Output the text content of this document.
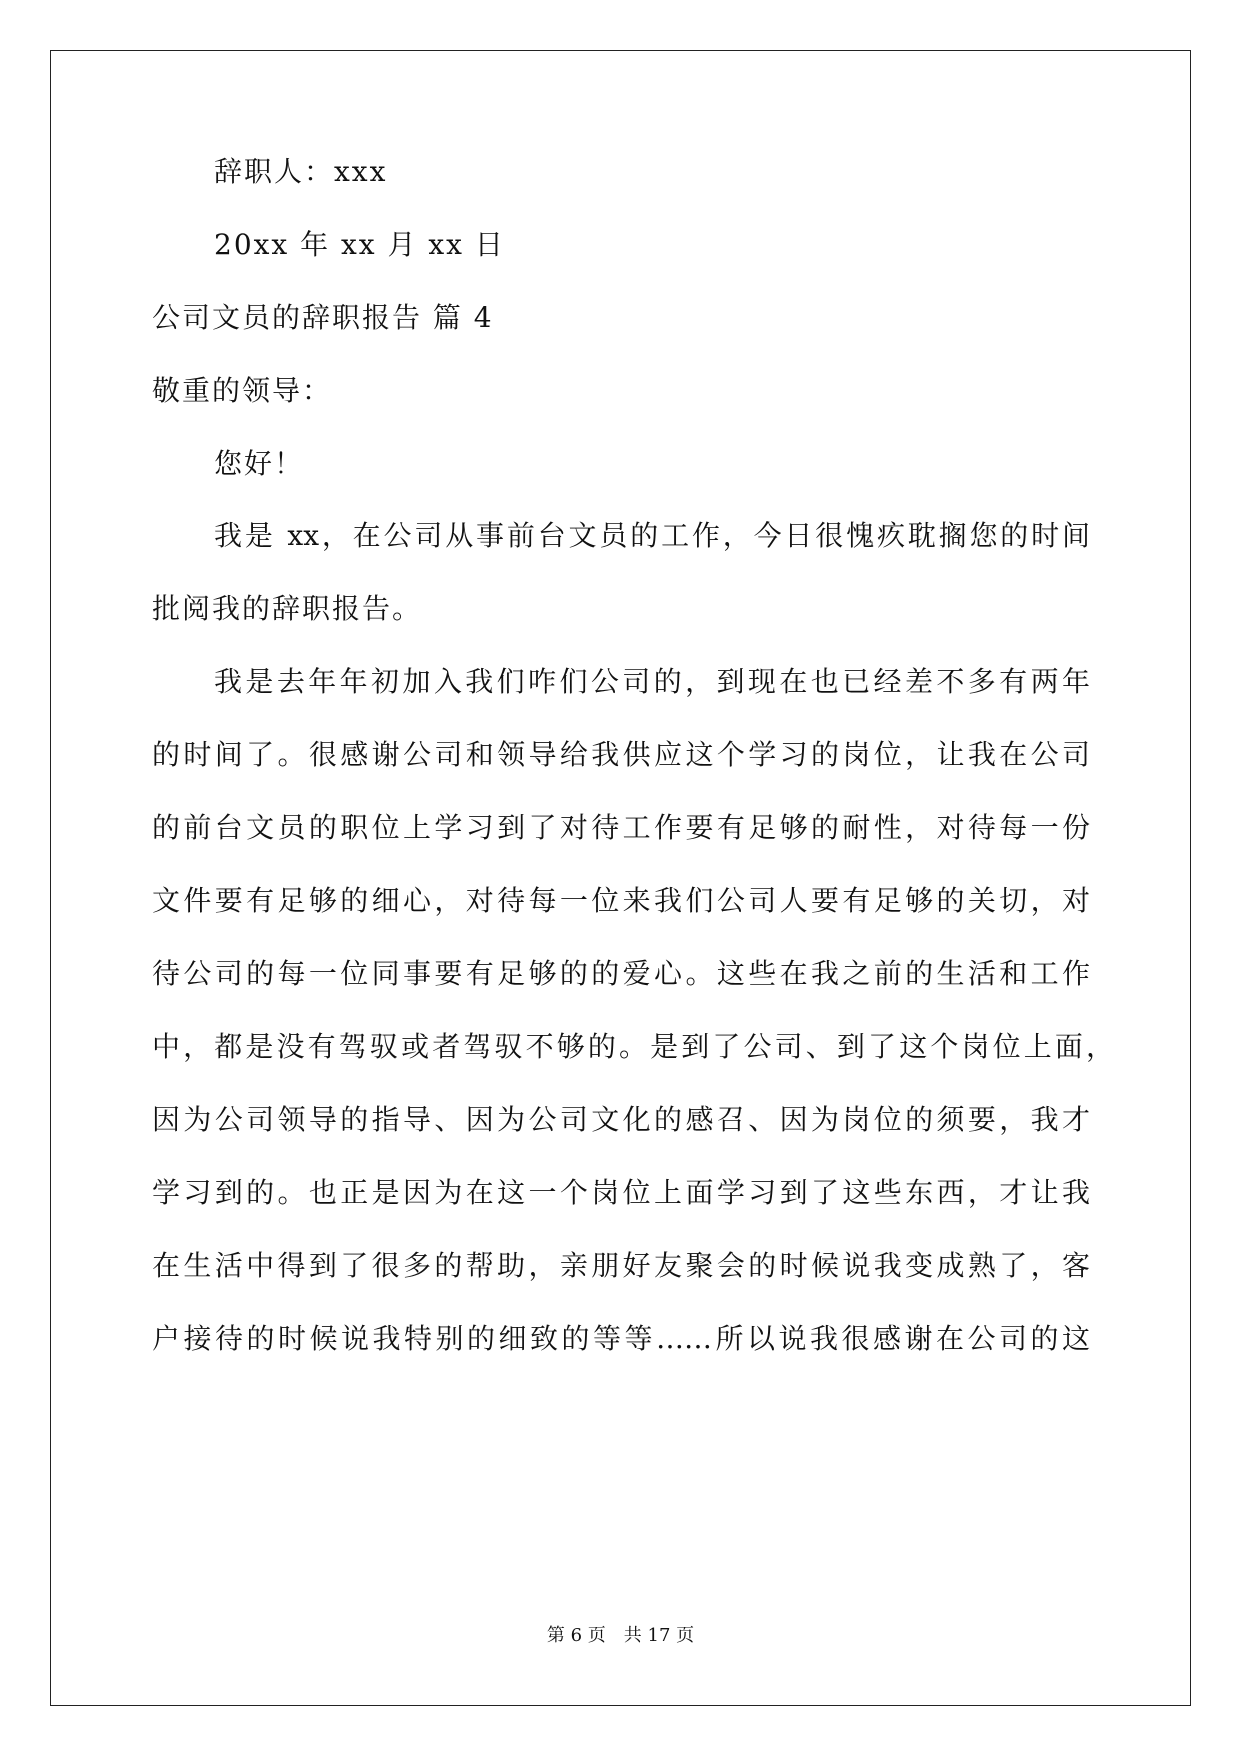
辞职人：xxx
20xx 年 xx 月 xx 日
公司文员的辞职报告 篇 4
敬重的领导：
您好！
我是 xx，在公司从事前台文员的工作，今日很愧疚耽搁您的时间
批阅我的辞职报告。
我是去年年初加入我们咋们公司的，到现在也已经差不多有两年
的时间了。很感谢公司和领导给我供应这个学习的岗位，让我在公司
的前台文员的职位上学习到了对待工作要有足够的耐性，对待每一份
文件要有足够的细心，对待每一位来我们公司人要有足够的关切，对
待公司的每一位同事要有足够的的爱心。这些在我之前的生活和工作
中，都是没有驾驭或者驾驭不够的。是到了公司、到了这个岗位上面，
因为公司领导的指导、因为公司文化的感召、因为岗位的须要，我才
学习到的。也正是因为在这一个岗位上面学习到了这些东西，才让我
在生活中得到了很多的帮助，亲朋好友聚会的时候说我变成熟了，客
户接待的时候说我特别的细致的等等……所以说我很感谢在公司的这
第 6 页　共 17 页
